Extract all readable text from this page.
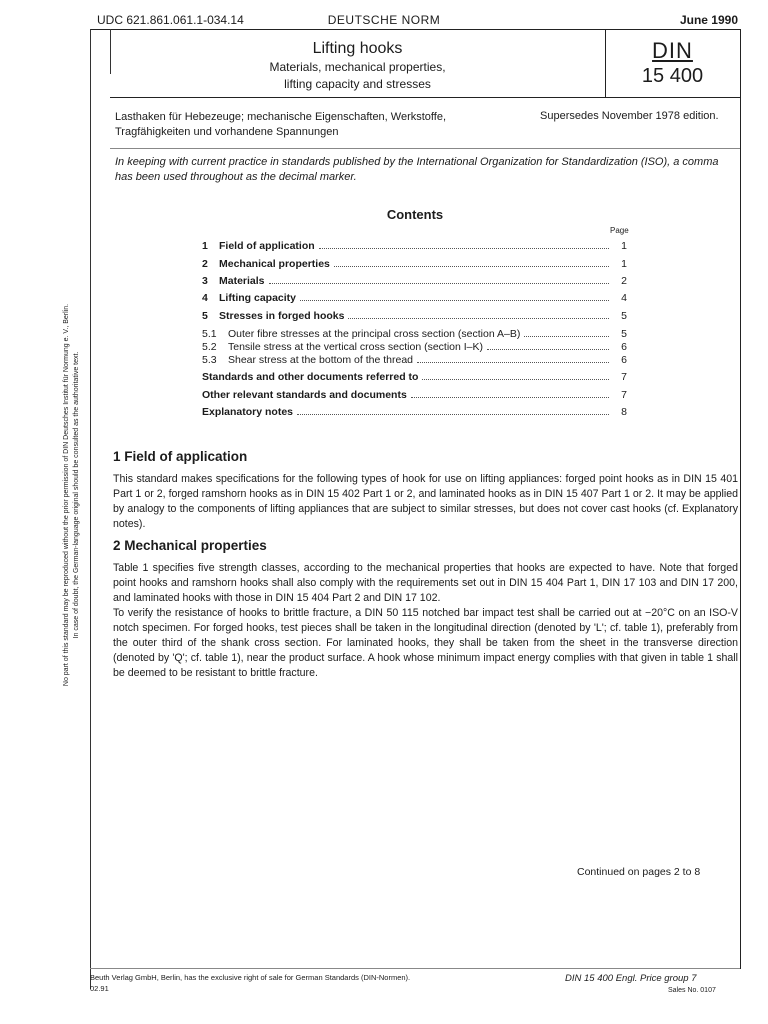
UDC 621.861.061.1-034.14	DEUTSCHE NORM	June 1990
Lifting hooks
Materials, mechanical properties,
lifting capacity and stresses
DIN
15 400
Lasthaken für Hebezeuge; mechanische Eigenschaften, Werkstoffe,
Tragfähigkeiten und vorhandene Spannungen
Supersedes November 1978 edition.
In keeping with current practice in standards published by the International Organization for Standardization (ISO), a comma has been used throughout as the decimal marker.
Contents
Page
1	Field of application	1
2	Mechanical properties	1
3	Materials	2
4	Lifting capacity	4
5	Stresses in forged hooks	5
5.1	Outer fibre stresses at the principal cross section (section A–B)	5
5.2	Tensile stress at the vertical cross section (section I–K)	6
5.3	Shear stress at the bottom of the thread	6
Standards and other documents referred to	7
Other relevant standards and documents	7
Explanatory notes	8
1 Field of application

This standard makes specifications for the following types of hook for use on lifting appliances: forged point hooks as in DIN 15 401 Part 1 or 2, forged ramshorn hooks as in DIN 15 402 Part 1 or 2, and laminated hooks as in DIN 15 407 Part 1 or 2. It may be applied by analogy to the components of lifting appliances that are subject to similar stresses, but does not cover cast hooks (cf. Explanatory notes).

2 Mechanical properties

Table 1 specifies five strength classes, according to the mechanical properties that hooks are expected to have. Note that forged point hooks and ramshorn hooks shall also comply with the requirements set out in DIN 15 404 Part 1, DIN 17 103 and DIN 17 200, and laminated hooks with those in DIN 15 404 Part 2 and DIN 17 102.

To verify the resistance of hooks to brittle fracture, a DIN 50 115 notched bar impact test shall be carried out at −20°C on an ISO-V notch specimen. For forged hooks, test pieces shall be taken in the longitudinal direction (denoted by 'L'; cf. table 1), preferably from the outer third of the shank cross section. For laminated hooks, they shall be taken from the sheet in the transverse direction (denoted by 'Q'; cf. table 1), near the product surface. A hook whose minimum impact energy complies with that given in table 1 shall be deemed to be resistant to brittle fracture.

Continued on pages 2 to 8
Beuth Verlag GmbH, Berlin, has the exclusive right of sale for German Standards (DIN-Normen).
02.91
DIN 15 400 Engl. Price group 7
Sales No. 0107
No part of this standard may be reproduced without the prior permission of DIN Deutsches Institut für Normung e. V., Berlin. In case of doubt, the German-language original should be consulted as the authoritative text.
